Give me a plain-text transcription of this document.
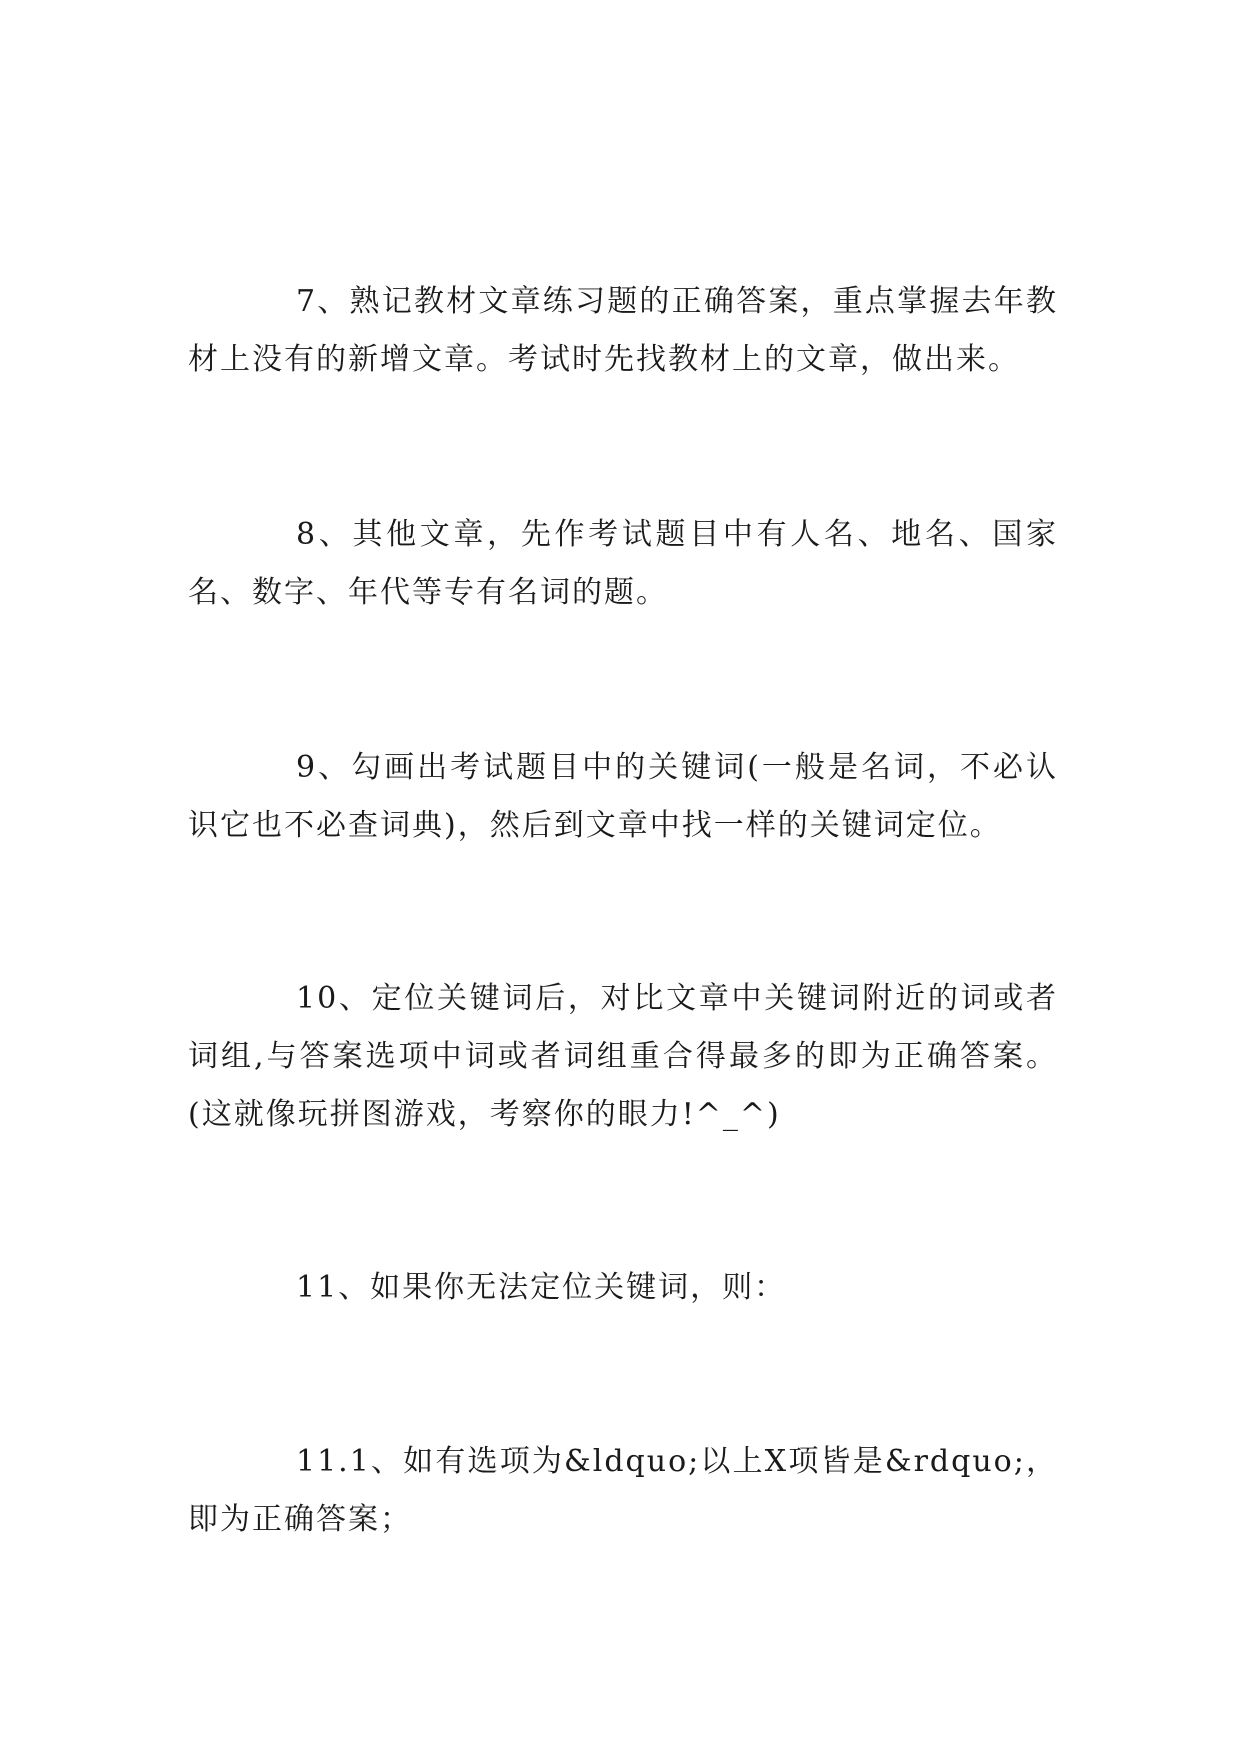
7、熟记教材文章练习题的正确答案，重点掌握去年教材上没有的新增文章。考试时先找教材上的文章，做出来。

8、其他文章，先作考试题目中有人名、地名、国家名、数字、年代等专有名词的题。

9、勾画出考试题目中的关键词(一般是名词，不必认识它也不必查词典)，然后到文章中找一样的关键词定位。

10、定位关键词后，对比文章中关键词附近的词或者词组,与答案选项中词或者词组重合得最多的即为正确答案。(这就像玩拼图游戏，考察你的眼力!^_^)

11、如果你无法定位关键词，则：

11.1、如有选项为&ldquo;以上X项皆是&rdquo;，即为正确答案；
